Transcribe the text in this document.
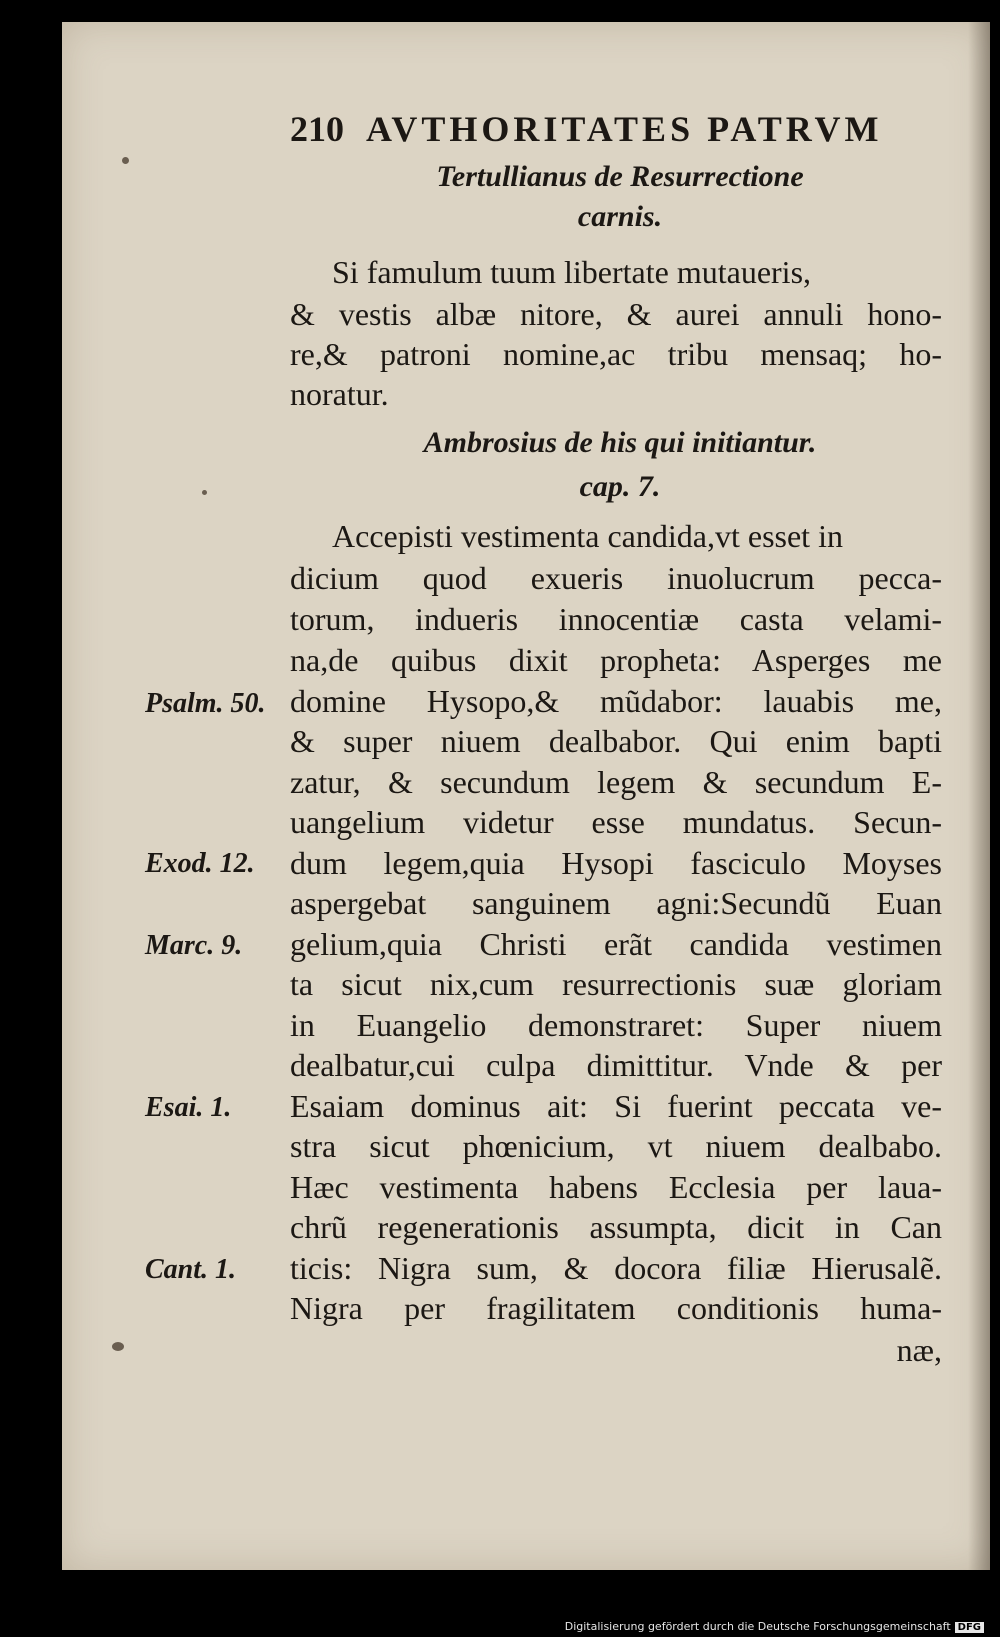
210 AVTHORITATES PATRVM
Tertullianus de Resurrectione
carnis.
Si famulum tuum libertate mutaueris,
& vestis albæ nitore, & aurei annuli hono-
re,& patroni nomine,ac tribu mensaq; ho-
noratur.
Ambrosius de his qui initiantur.
cap. 7.
Accepisti vestimenta candida,vt esset in
dicium quod exueris inuolucrum pecca-
torum, indueris innocentiæ casta velami-
na,de quibus dixit propheta: Asperges me
domine Hysopo,& mũdabor: lauabis me,
& super niuem dealbabor. Qui enim bapti
zatur, & secundum legem & secundum E-
uangelium videtur esse mundatus. Secun-
dum legem,quia Hysopi fasciculo Moyses
aspergebat sanguinem agni:Secundũ Euan
gelium,quia Christi erãt candida vestimen
ta sicut nix,cum resurrectionis suæ gloriam
in Euangelio demonstraret: Super niuem
dealbatur,cui culpa dimittitur. Vnde & per
Esaiam dominus ait: Si fuerint peccata ve-
stra sicut phœnicium, vt niuem dealbabo.
Hæc vestimenta habens Ecclesia per laua-
chrũ regenerationis assumpta, dicit in Can
ticis: Nigra sum, & docora filiæ Hierusalẽ.
Nigra per fragilitatem conditionis huma-
næ,
Psalm. 50.
Exod. 12.
Marc. 9.
Esai. 1.
Cant. 1.
Digitalisierung gefördert durch die Deutsche Forschungsgemeinschaft DFG
